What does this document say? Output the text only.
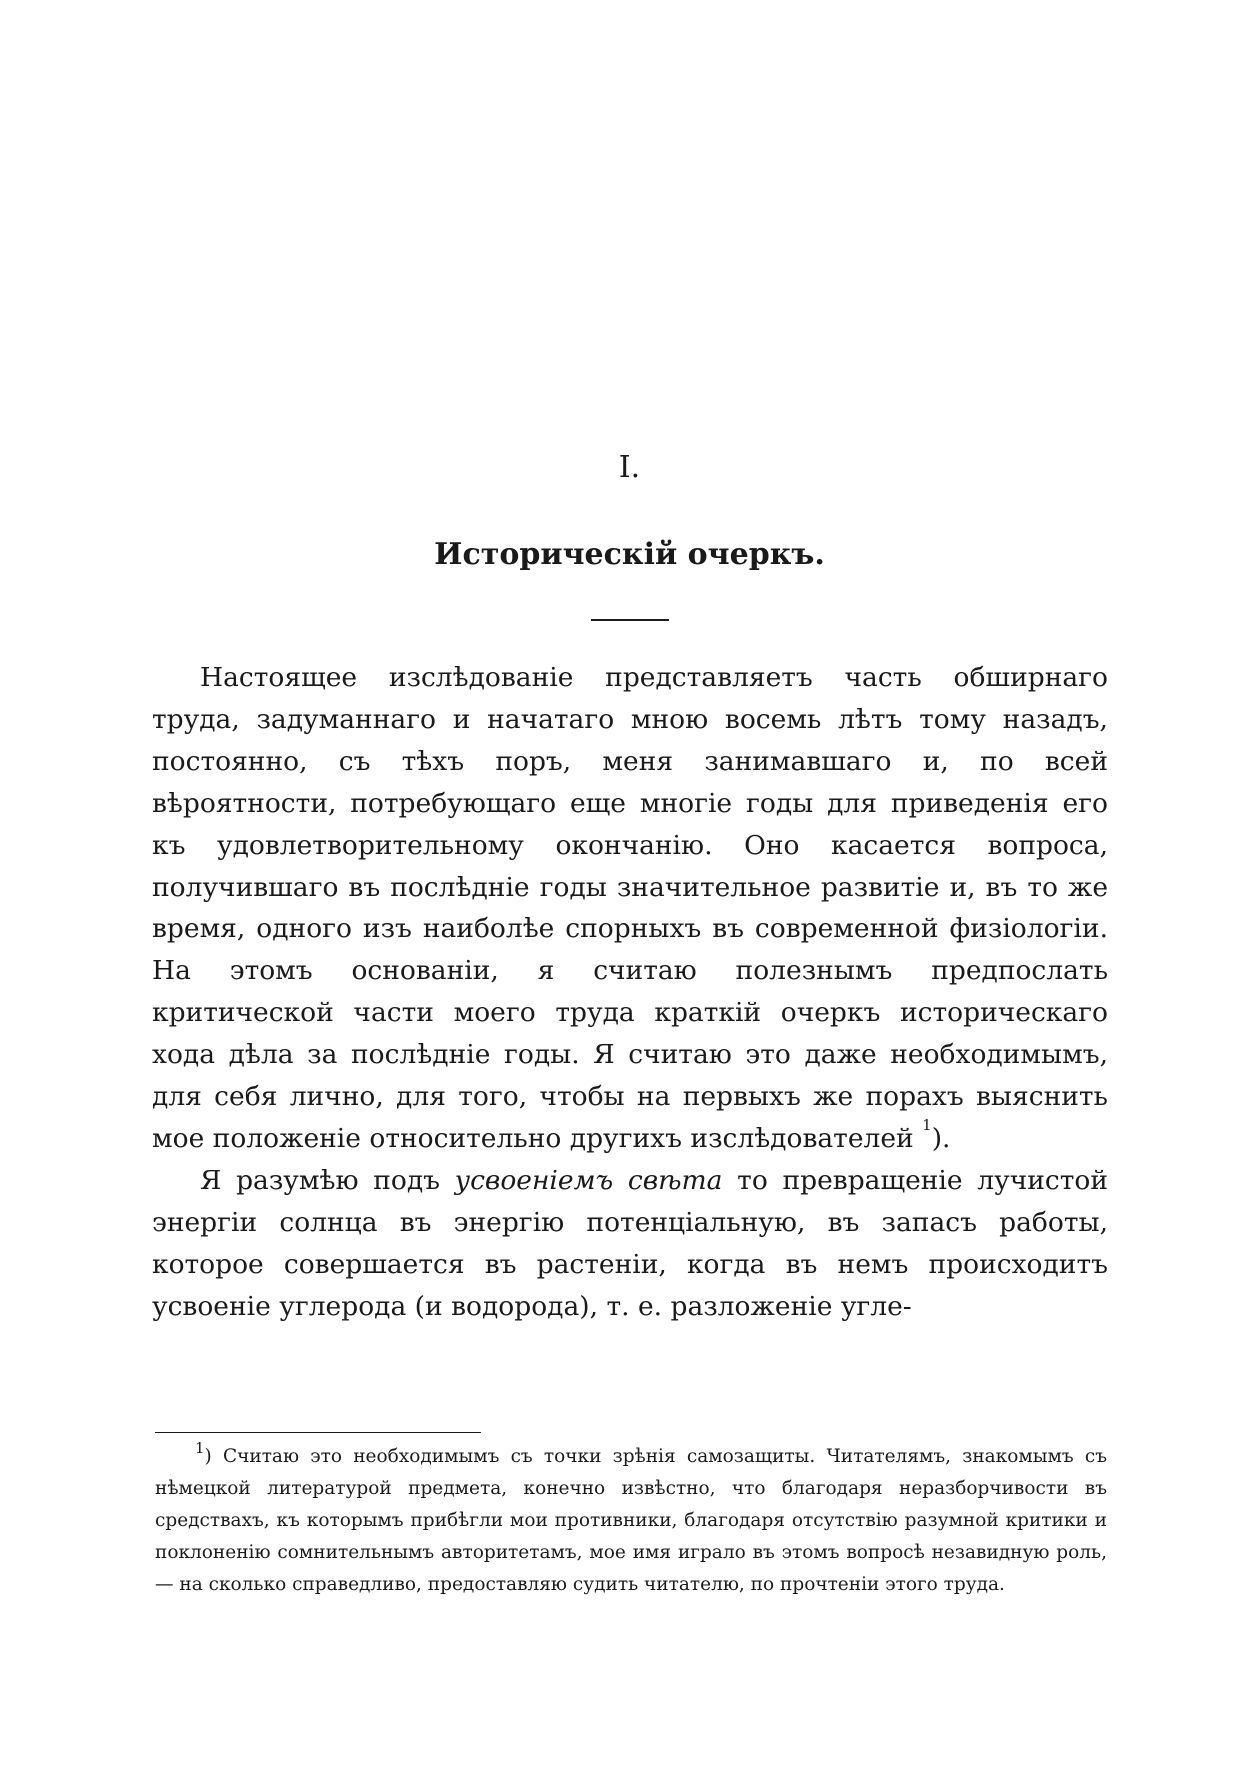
I.

Историческій очеркъ.

Настоящее изслѣдованіе представляетъ часть обширнаго труда, задуманнаго и начатаго мною восемь лѣтъ тому назадъ, постоянно, съ тѣхъ поръ, меня занимавшаго и, по всей вѣроятности, потребующаго еще многіе годы для приведенія его къ удовлетворительному окончанію. Оно касается вопроса, получившаго въ послѣдніе годы значительное развитіе и, въ то же время, одного изъ наиболѣе спорныхъ въ современной физіологіи. На этомъ основаніи, я считаю полезнымъ предпослать критической части моего труда краткій очеркъ историческаго хода дѣла за послѣдніе годы. Я считаю это даже необходимымъ, для себя лично, для того, чтобы на первыхъ же порахъ выяснить мое положеніе относительно другихъ изслѣдователей $^1$).

Я разумѣю подъ усвоеніемъ свѣта то превращеніе лучистой энергіи солнца въ энергію потенціальную, въ запасъ работы, которое совершается въ растеніи, когда въ немъ происходитъ усвоеніе углерода (и водорода), т. е. разложеніе угле-

$^1$) Считаю это необходимымъ съ точки зрѣнія самозащиты. Читателямъ, знакомымъ съ нѣмецкой литературой предмета, конечно извѣстно, что благодаря неразборчивости въ средствахъ, къ которымъ прибѣгли мои противники, благодаря отсутствію разумной критики и поклоненію сомнительнымъ авторитетамъ, мое имя играло въ этомъ вопросѣ незавидную роль,— на сколько справедливо, предоставляю судить читателю, по прочтеніи этого труда.
